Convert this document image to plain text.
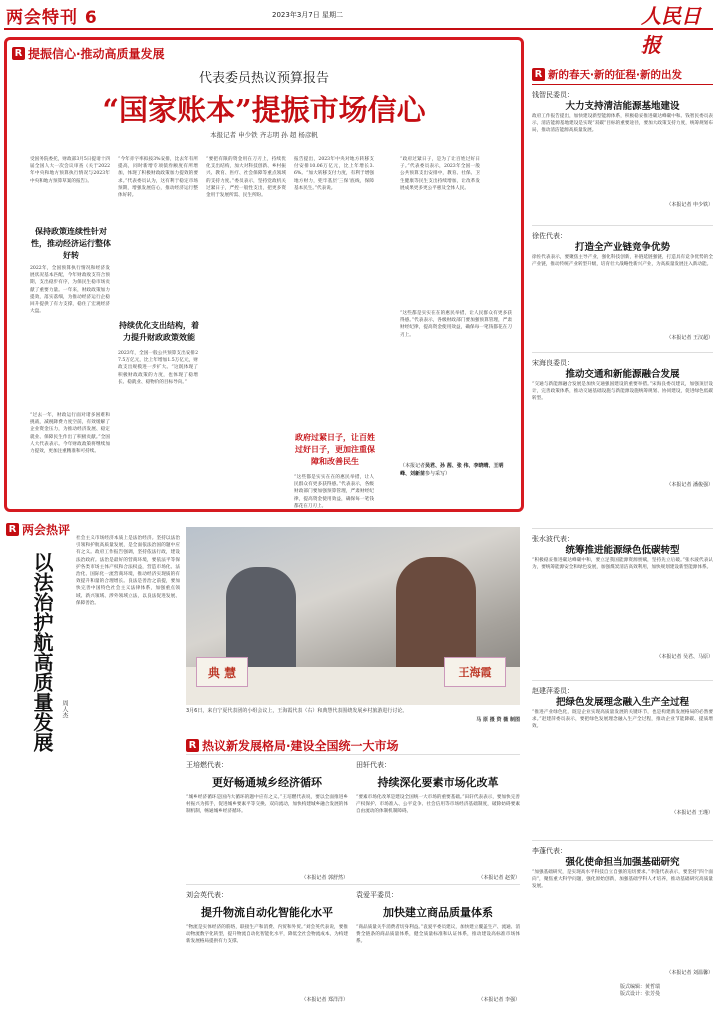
两会特刊 6	2023年3月7日 星期二	人民日报
R 提振信心·推动高质量发展
代表委员热议预算报告
“国家账本”提振市场信心
本报记者 申少铁 齐志明 孙 超 杨彦帆
受国务院委托，财政部3月5日提请十四届全国人大一次会议审查《关于2022年中央和地方预算执行情况与2023年中央和地方预算草案的报告》。
保持政策连续性针对性，推动经济运行整体好转
2022年，全国预算执行情况和经济发展状况基本匹配，今年财政收支符合预期，支出稳步有序，为保民生稳市场贡献了重要力量。一年来，财政政策加力提效，落实落细，为推动经济运行企稳回升提供了有力支撑，稳住了宏观经济大盘。
“过去一年，财政运行面对诸多困难和挑战，减税降费力度空前，有效缓解了企业资金压力，为推动经济发展、稳定就业、保障民生作出了积极贡献。”全国人大代表表示。今年财政政策将继续加力提效，更加注重精准和可持续。
“今年赤字率拟按3%安排，比去年有所提高，同时新增专项债券额度有所增加，体现了积极财政政策加力提效的要求。”代表委员认为，这有利于稳定市场预期，增强发展信心，推动经济运行整体好转。
持续优化支出结构，着力提升财政政策效能
2023年，全国一般公共预算支出安排27.5万亿元，比上年增加1.5万亿元，财政支出规模进一步扩大。“这既体现了积极财政政策的力度，也体现了稳增长、稳就业、稳物价的目标导向。”
“要把有限的资金用在刀刃上，持续优化支出结构，加大对科技创新、乡村振兴、教育、医疗、社会保障等重点领域的支持力度。”委员表示，坚持党政机关过紧日子，严控一般性支出，把更多资金用于发展所需、民生所盼。
报告提出，2023年中央对地方转移支付安排10.06万亿元，比上年增长3.6%。“加大转移支付力度，有利于增强地方财力，兜牢基层‘三保’底线，保障基本民生。”代表说。
政府过紧日子，让百姓过好日子，更加注重保障和改善民生
“这些都是实实在在的惠民举措，让人民群众有更多获得感。”代表表示，各级财政部门要加强预算管理，严肃财经纪律，提高资金使用效益，确保每一笔钱都花在刀刃上。
“政府过紧日子，是为了让百姓过好日子。”代表委员表示，2023年全国一般公共预算支出安排中，教育、社保、卫生健康等民生支出持续增加，让改革发展成果更多更公平惠及全体人民。
“这些都是实实在在的惠民举措，让人民群众有更多获得感。”代表表示，各级财政部门要加强预算管理，严肃财经纪律，提高资金使用效益，确保每一笔钱都花在刀刃上。
（本报记者吴君、孙 茜、张 伟、李晓晴、王明峰、刘新苗参与采写）
R 两会热评
以法治护航高质量发展 周人杰
社会主义市场经济本质上是法治经济。坚持以法治引领和护航高质量发展，是全面依法治国的题中应有之义。政府工作报告强调，坚持依法行政，建设法治政府。法治是最好的营商环境，要依法平等保护各类市场主体产权和合法权益，营造市场化、法治化、国际化一流营商环境，推动经济实现质的有效提升和量的合理增长。良法是善治之前提，要加快完善中国特色社会主义法律体系，加强重点领域、新兴领域、涉外领域立法，以良法促进发展、保障善治。
典 慧	王海霞
3月6日，来自宁夏代表团的小组会议上，王海霞代表（右）和典慧代表围绕发展乡村旅游进行讨论。
马 原 摄 资 薇 制图
R 热议新发展格局·建设全国统一大市场
王培燃代表：
更好畅通城乡经济循环
“城乡经济循环是国内大循环的题中应有之义。”王培燃代表说，要以全面推进乡村振兴为抓手，促进城乡要素平等交换、双向流动，加快构建城乡融合发展的体制机制，畅通城乡经济循环。
（本报记者 郭舒然）
田轩代表：
持续深化要素市场化改革
“要素市场化改革是建设全国统一大市场的重要基础。”田轩代表表示，要加快完善产权保护、市场准入、公平竞争、社会信用等市场经济基础制度，破除妨碍要素自由流动的体制机制障碍。
（本报记者 赵贺）
刘会英代表：
提升物流自动化智能化水平
“物流是实体经济的筋络，联接生产和消费、内贸和外贸。”刘会英代表说，要推动物流数字化转型，提升物流自动化智能化水平，降低全社会物流成本，为构建新发展格局提供有力支撑。
（本报记者 郑洋洋）
袁爱平委员：
加快建立商品质量体系
“商品质量关乎消费者切身利益。”袁爱平委员建议，加快建立覆盖生产、流通、消费全链条的商品质量体系，健全质量标准和认证体系，推动建设高标准市场体系。
（本报记者 李强）
R 新的春天·新的征程·新的出发
钱智民委员：
大力支持清洁能源基地建设
政府工作报告提出，加快建设新型能源体系，积极稳妥推进碳达峰碳中和。钱智民委员表示，清洁能源基地建设是实现“双碳”目标的重要途径，要加大政策支持力度，统筹规划布局，推动清洁能源高质量发展。
（本报记者 申少铁）
徐佐代表：
打造全产业链竞争优势
徐佐代表表示，要聚焦主导产业，强化科技创新，补链延链强链，打造具有竞争优势的全产业链，推动传统产业转型升级，培育壮大战略性新兴产业，为高质量发展注入新动能。
（本报记者 王汉超）
宋海良委员：
推动交通和新能源融合发展
“交通与新能源融合发展是加快交通强国建设的重要举措。”宋海良委员建议，加强顶层设计，完善政策体系，推动交通基础设施与新能源设施统筹规划、协同建设，促进绿色低碳转型。
（本报记者 潘俊强）
张水波代表：
统筹推进能源绿色低碳转型
“积极稳妥推进碳达峰碳中和，要立足我国能源资源禀赋，坚持先立后破。”张水波代表认为，要统筹能源安全和绿色发展，加强煤炭清洁高效利用，加快规划建设新型能源体系。
（本报记者 吴君、马原）
赵建萍委员：
把绿色发展理念融入生产全过程
“推进产业绿色化，既是企业实现高质量发展的关键环节，也是构建新发展格局的必然要求。”赵建萍委员表示，要把绿色发展理念融入生产全过程，推动企业节能降碳、提质增效。
（本报记者 王瑾）
李蓬代表：
强化使命担当加强基础研究
“加强基础研究，是实现高水平科技自立自强的迫切要求。”李蓬代表表示，要坚持“四个面向”，聚焦重大科学问题，强化原始创新，加强基础学科人才培养，推动基础研究高质量发展。
（本报记者 刘温馨）
版式编辑：黄哲瑞
版式设计：张芳曼
